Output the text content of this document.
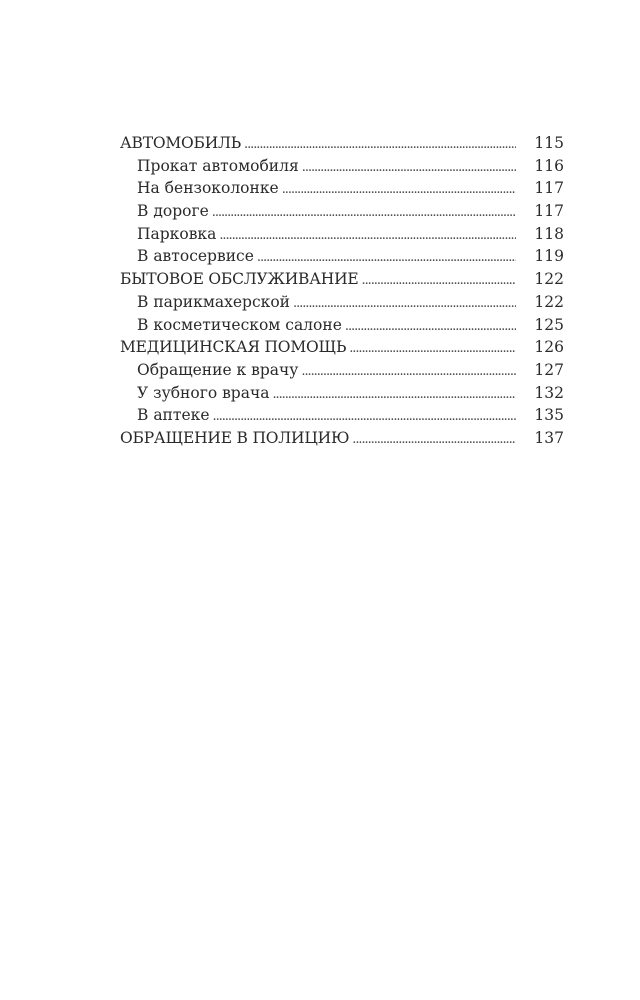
АВТОМОБИЛЬ . . .	115
Прокат автомобиля . . .	116
На бензоколонке . . .	117
В дороге . . .	117
Парковка . . .	118
В автосервисе . . .	119
БЫТОВОЕ ОБСЛУЖИВАНИЕ . . .	122
В парикмахерской . . .	122
В косметическом салоне . . .	125
МЕДИЦИНСКАЯ ПОМОЩЬ . . .	126
Обращение к врачу . . .	127
У зубного врача . . .	132
В аптеке . . .	135
ОБРАЩЕНИЕ В ПОЛИЦИЮ . . .	137
